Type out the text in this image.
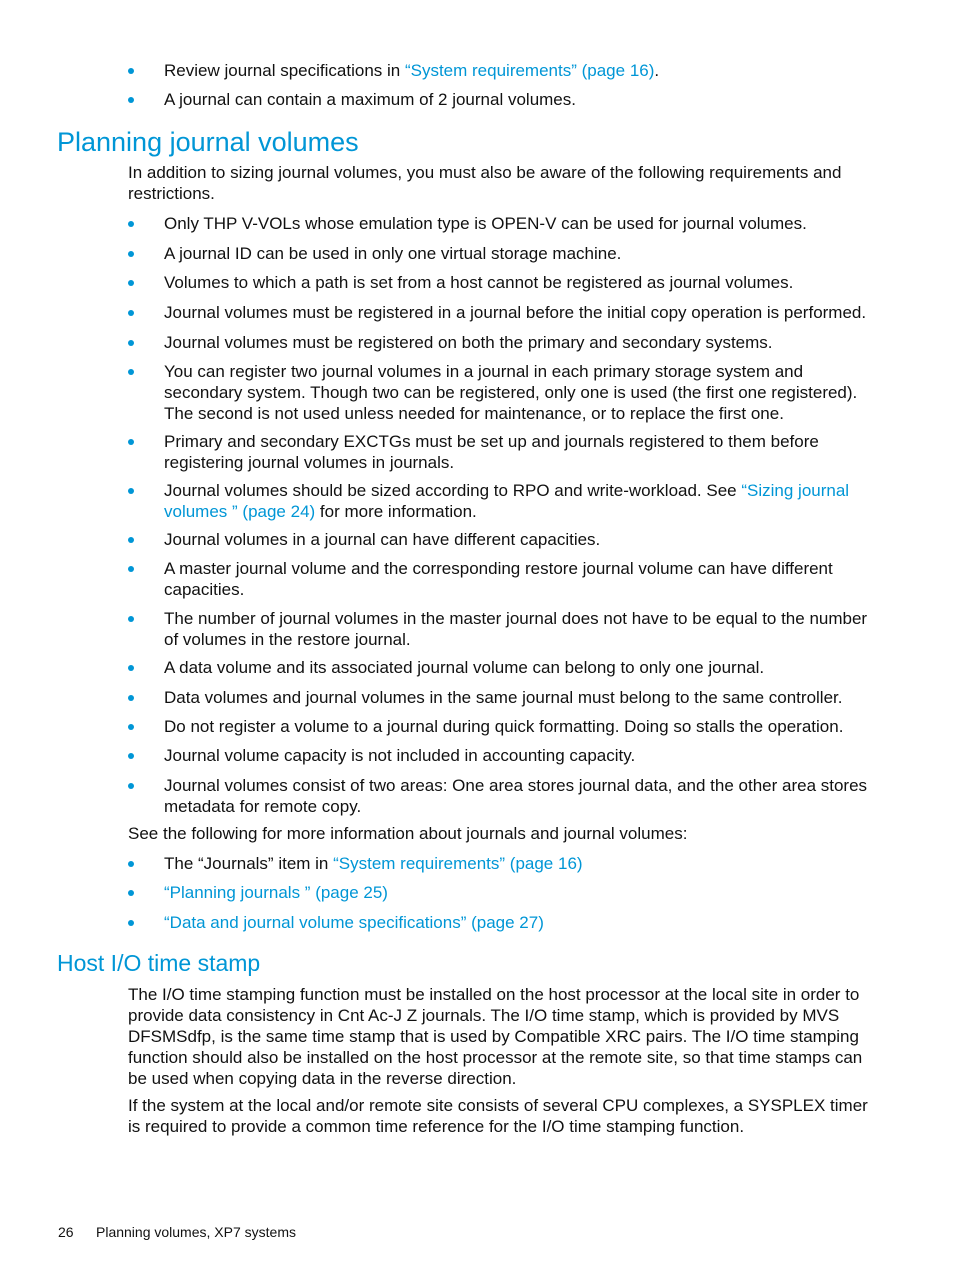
Review journal specifications in “System requirements” (page 16).
A journal can contain a maximum of 2 journal volumes.
Planning journal volumes

In addition to sizing journal volumes, you must also be aware of the following requirements and restrictions.

Only THP V-VOLs whose emulation type is OPEN-V can be used for journal volumes.
A journal ID can be used in only one virtual storage machine.
Volumes to which a path is set from a host cannot be registered as journal volumes.
Journal volumes must be registered in a journal before the initial copy operation is performed.
Journal volumes must be registered on both the primary and secondary systems.
You can register two journal volumes in a journal in each primary storage system and secondary system. Though two can be registered, only one is used (the first one registered). The second is not used unless needed for maintenance, or to replace the first one.
Primary and secondary EXCTGs must be set up and journals registered to them before registering journal volumes in journals.
Journal volumes should be sized according to RPO and write-workload. See “Sizing journal volumes ” (page 24) for more information.
Journal volumes in a journal can have different capacities.
A master journal volume and the corresponding restore journal volume can have different capacities.
The number of journal volumes in the master journal does not have to be equal to the number of volumes in the restore journal.
A data volume and its associated journal volume can belong to only one journal.
Data volumes and journal volumes in the same journal must belong to the same controller.
Do not register a volume to a journal during quick formatting. Doing so stalls the operation.
Journal volume capacity is not included in accounting capacity.
Journal volumes consist of two areas: One area stores journal data, and the other area stores metadata for remote copy.

See the following for more information about journals and journal volumes:

The “Journals” item in “System requirements” (page 16)
“Planning journals ” (page 25)
“Data and journal volume specifications” (page 27)
Host I/O time stamp

The I/O time stamping function must be installed on the host processor at the local site in order to provide data consistency in Cnt Ac-J Z journals. The I/O time stamp, which is provided by MVS DFSMSdfp, is the same time stamp that is used by Compatible XRC pairs. The I/O time stamping function should also be installed on the host processor at the remote site, so that time stamps can be used when copying data in the reverse direction.

If the system at the local and/or remote site consists of several CPU complexes, a SYSPLEX timer is required to provide a common time reference for the I/O time stamping function.

26 Planning volumes, XP7 systems
